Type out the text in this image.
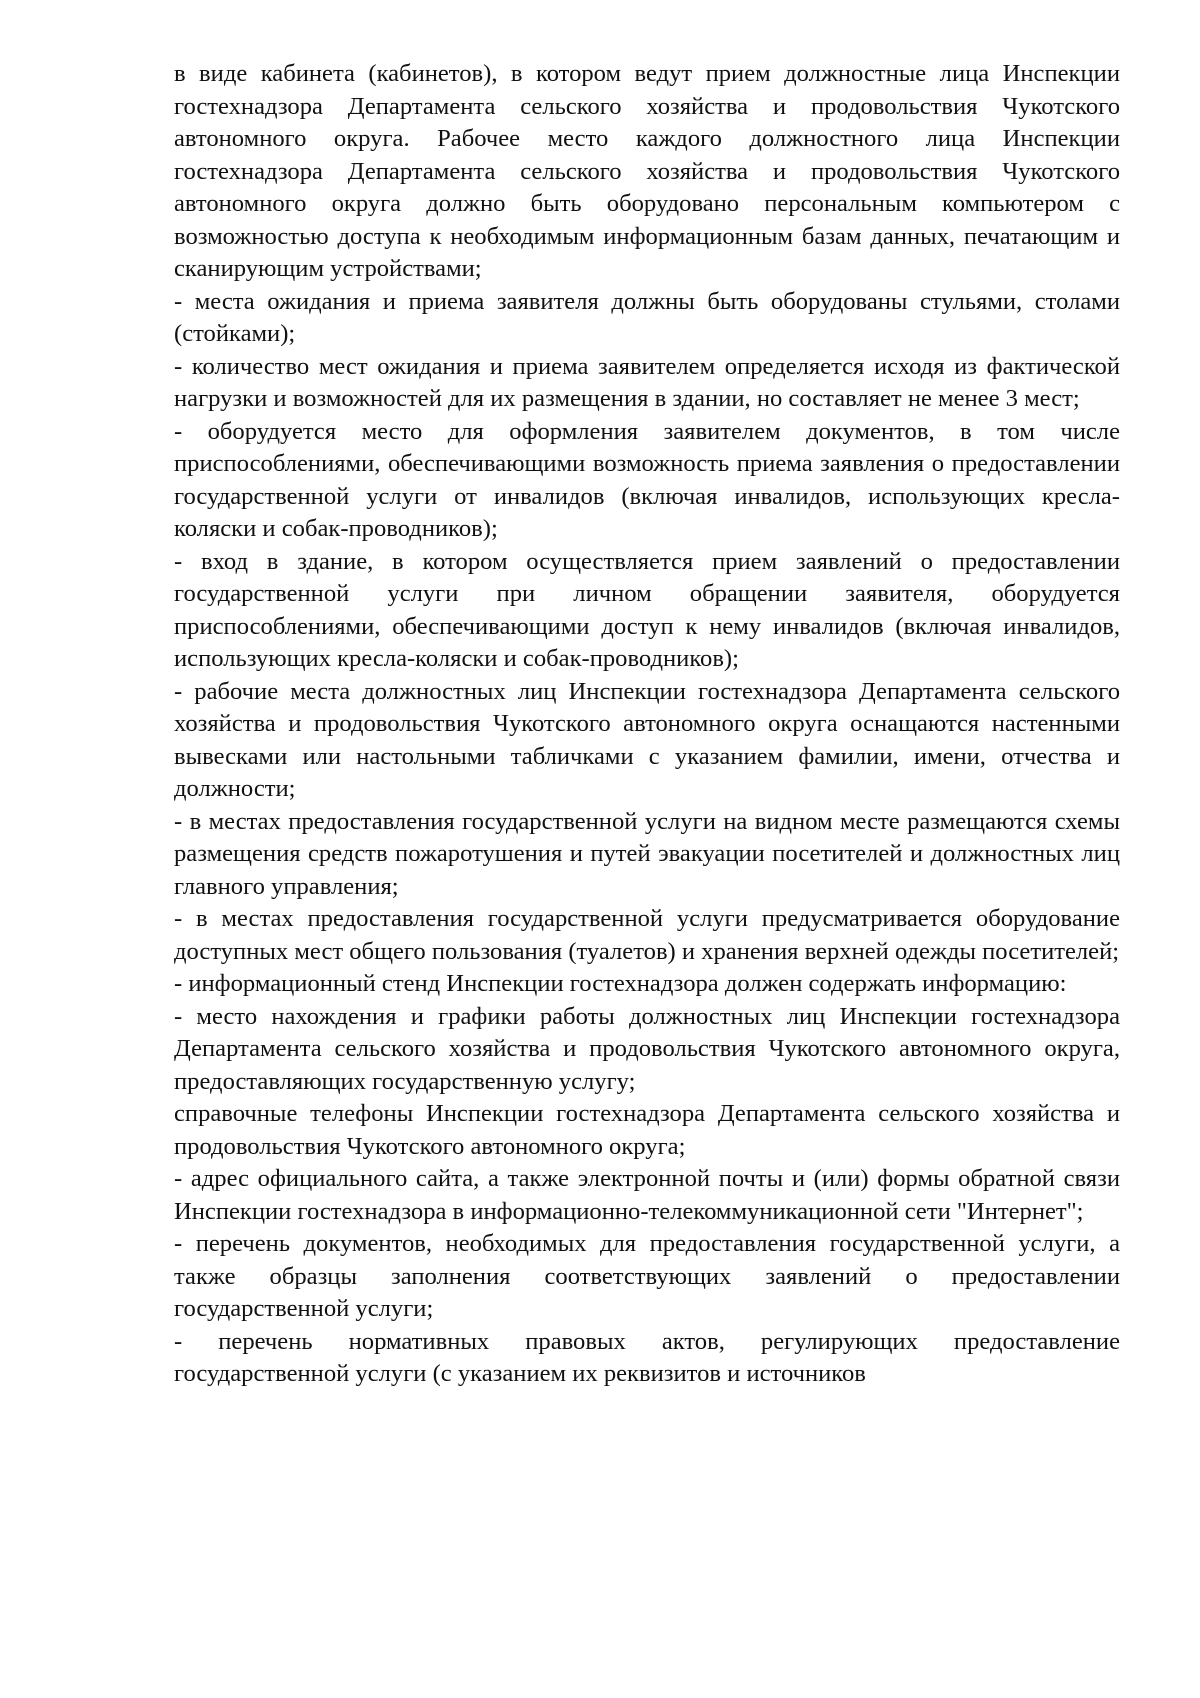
в виде кабинета (кабинетов), в котором ведут прием должностные лица Инспекции гостехнадзора Департамента сельского хозяйства и продовольствия Чукотского автономного округа. Рабочее место каждого должностного лица Инспекции гостехнадзора Департамента сельского хозяйства и продовольствия Чукотского автономного округа должно быть оборудовано персональным компьютером с возможностью доступа к необходимым информационным базам данных, печатающим и сканирующим устройствами;

- места ожидания и приема заявителя должны быть оборудованы стульями, столами (стойками);

- количество мест ожидания и приема заявителем определяется исходя из фактической нагрузки и возможностей для их размещения в здании, но составляет не менее 3 мест;

- оборудуется место для оформления заявителем документов, в том числе приспособлениями, обеспечивающими возможность приема заявления о предоставлении государственной услуги от инвалидов (включая инвалидов, использующих кресла-коляски и собак-проводников);

- вход в здание, в котором осуществляется прием заявлений о предоставлении государственной услуги при личном обращении заявителя, оборудуется приспособлениями, обеспечивающими доступ к нему инвалидов (включая инвалидов, использующих кресла-коляски и собак-проводников);

- рабочие места должностных лиц Инспекции гостехнадзора Департамента сельского хозяйства и продовольствия Чукотского автономного округа оснащаются настенными вывесками или настольными табличками с указанием фамилии, имени, отчества и должности;

- в местах предоставления государственной услуги на видном месте размещаются схемы размещения средств пожаротушения и путей эвакуации посетителей и должностных лиц главного управления;

- в местах предоставления государственной услуги предусматривается оборудование доступных мест общего пользования (туалетов) и хранения верхней одежды посетителей;

- информационный стенд Инспекции гостехнадзора должен содержать информацию:

- место нахождения и графики работы должностных лиц Инспекции гостехнадзора Департамента сельского хозяйства и продовольствия Чукотского автономного округа, предоставляющих государственную услугу;

справочные телефоны Инспекции гостехнадзора Департамента сельского хозяйства и продовольствия Чукотского автономного округа;

- адрес официального сайта, а также электронной почты и (или) формы обратной связи Инспекции гостехнадзора в информационно-телекоммуникационной сети "Интернет";

- перечень документов, необходимых для предоставления государственной услуги, а также образцы заполнения соответствующих заявлений о предоставлении государственной услуги;

- перечень нормативных правовых актов, регулирующих предоставление государственной услуги (с указанием их реквизитов и источников
